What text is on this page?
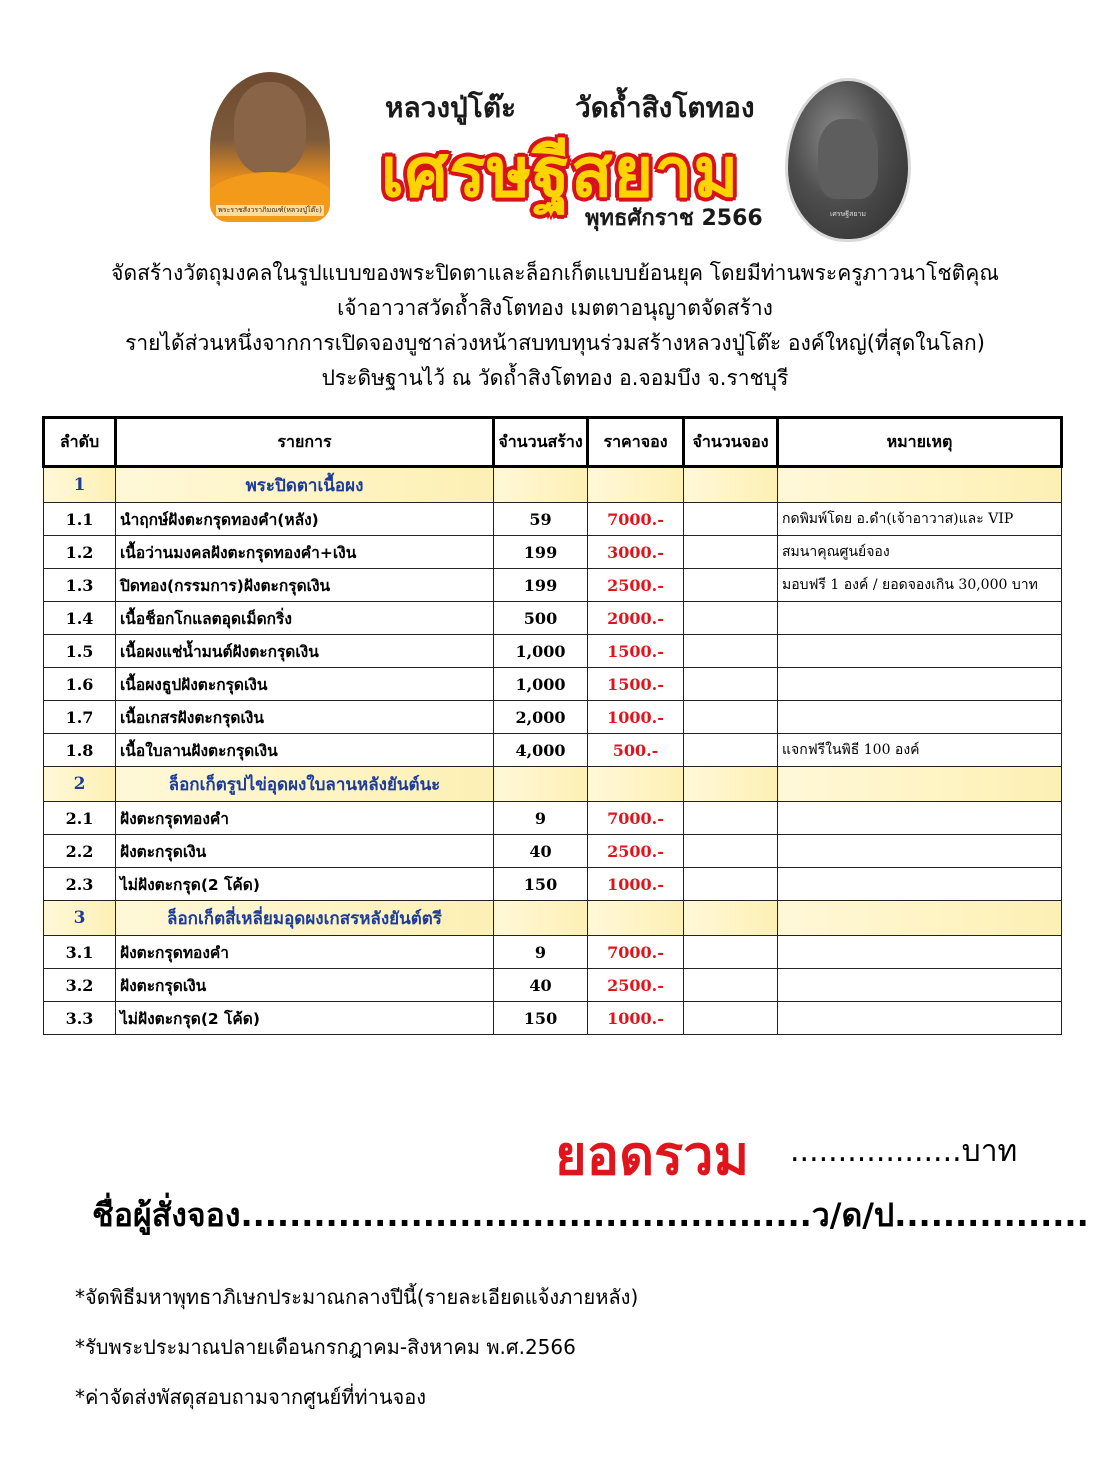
พระราชสังวราภิมณฑ์(หลวงปู่โต๊ะ)
หลวงปู่โต๊ะ วัดถ้ำสิงโตทอง
เศรษฐีสยาม
พุทธศักราช 2566	เศรษฐีสยาม
จัดสร้างวัตถุมงคลในรูปแบบของพระปิดตาและล็อกเก็ตแบบย้อนยุค โดยมีท่านพระครูภาวนาโชติคุณ
เจ้าอาวาสวัดถ้ำสิงโตทอง เมตตาอนุญาตจัดสร้าง
รายได้ส่วนหนึ่งจากการเปิดจองบูชาล่วงหน้าสบทบทุนร่วมสร้างหลวงปู่โต๊ะ องค์ใหญ่(ที่สุดในโลก)
ประดิษฐานไว้ ณ วัดถ้ำสิงโตทอง อ.จอมบึง จ.ราชบุรี
ลำดับ	รายการ	จำนวนสร้าง	ราคาจอง	จำนวนจอง	หมายเหตุ
1	พระปิดตาเนื้อผง				
1.1	นำฤกษ์ฝังตะกรุดทองคำ(หลัง)	59	7000.-		กดพิมพ์โดย อ.ดำ(เจ้าอาวาส)และ VIP
1.2	เนื้อว่านมงคลฝังตะกรุดทองคำ+เงิน	199	3000.-		สมนาคุณศูนย์จอง
1.3	ปิดทอง(กรรมการ)ฝังตะกรุดเงิน	199	2500.-		มอบฟรี 1 องค์ / ยอดจองเกิน 30,000 บาท
1.4	เนื้อช็อกโกแลตอุดเม็ดกริ่ง	500	2000.-		
1.5	เนื้อผงแช่น้ำมนต์ฝังตะกรุดเงิน	1,000	1500.-		
1.6	เนื้อผงธูปฝังตะกรุดเงิน	1,000	1500.-		
1.7	เนื้อเกสรฝังตะกรุดเงิน	2,000	1000.-		
1.8	เนื้อใบลานฝังตะกรุดเงิน	4,000	500.-		แจกฟรีในพิธี 100 องค์
2	ล็อกเก็ตรูปไข่อุดผงใบลานหลังยันต์นะ				
2.1	ฝังตะกรุดทองคำ	9	7000.-		
2.2	ฝังตะกรุดเงิน	40	2500.-		
2.3	ไม่ฝังตะกรุด(2 โค้ด)	150	1000.-		
3	ล็อกเก็ตสี่เหลี่ยมอุดผงเกสรหลังยันต์ตรี				
3.1	ฝังตะกรุดทองคำ	9	7000.-		
3.2	ฝังตะกรุดเงิน	40	2500.-		
3.3	ไม่ฝังตะกรุด(2 โค้ด)	150	1000.-		
ยอดรวม ..................บาท
ชื่อผู้สั่งจอง...............................................ว/ด/ป................
*จัดพิธีมหาพุทธาภิเษกประมาณกลางปีนี้(รายละเอียดแจ้งภายหลัง)
*รับพระประมาณปลายเดือนกรกฎาคม-สิงหาคม พ.ศ.2566
*ค่าจัดส่งพัสดุสอบถามจากศูนย์ที่ท่านจอง
